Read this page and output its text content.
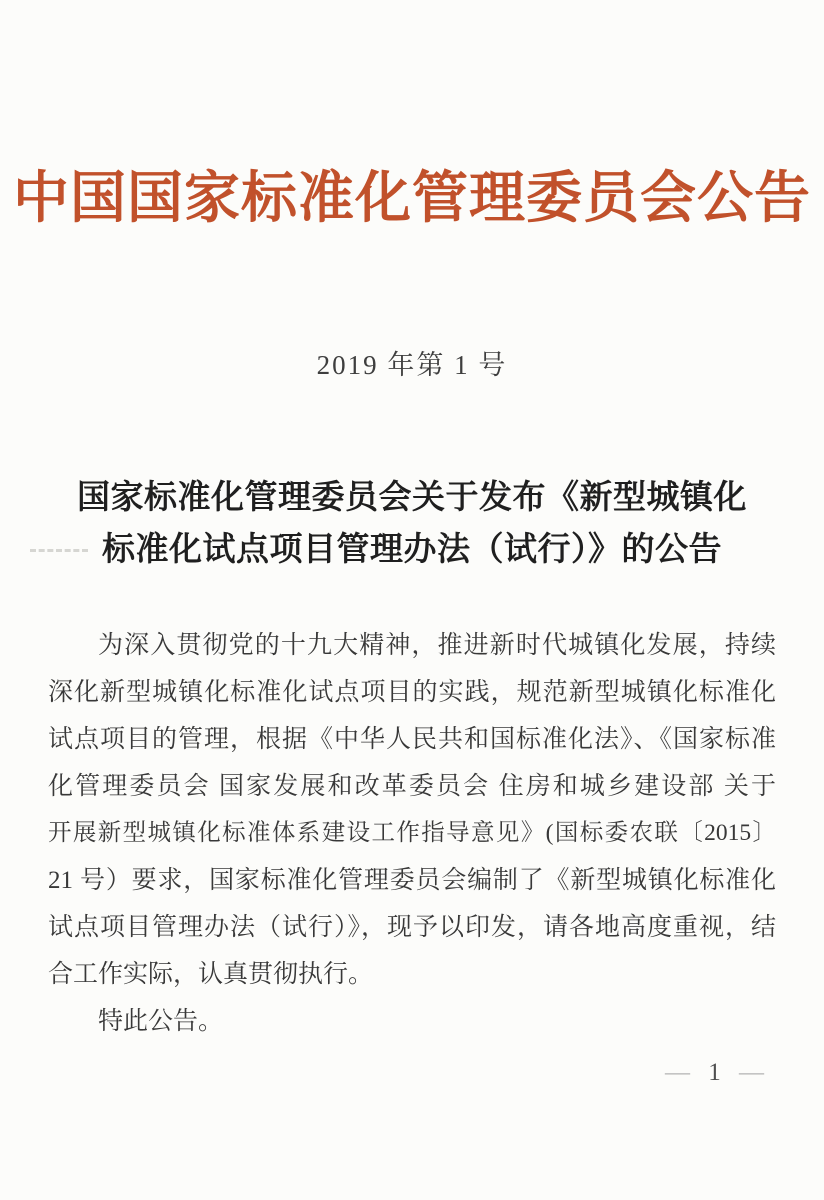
中国国家标准化管理委员会公告
2019 年第 1 号
国家标准化管理委员会关于发布《新型城镇化
标准化试点项目管理办法（试行）》的公告
为深入贯彻党的十九大精神，推进新时代城镇化发展，持续
深化新型城镇化标准化试点项目的实践，规范新型城镇化标准化
试点项目的管理，根据《中华人民共和国标准化法》、《国家标准
化管理委员会 国家发展和改革委员会 住房和城乡建设部 关于
开展新型城镇化标准体系建设工作指导意见》(国标委农联〔2015〕
21 号）要求，国家标准化管理委员会编制了《新型城镇化标准化
试点项目管理办法（试行）》，现予以印发，请各地高度重视，结
合工作实际，认真贯彻执行。
特此公告。
— 1 —
